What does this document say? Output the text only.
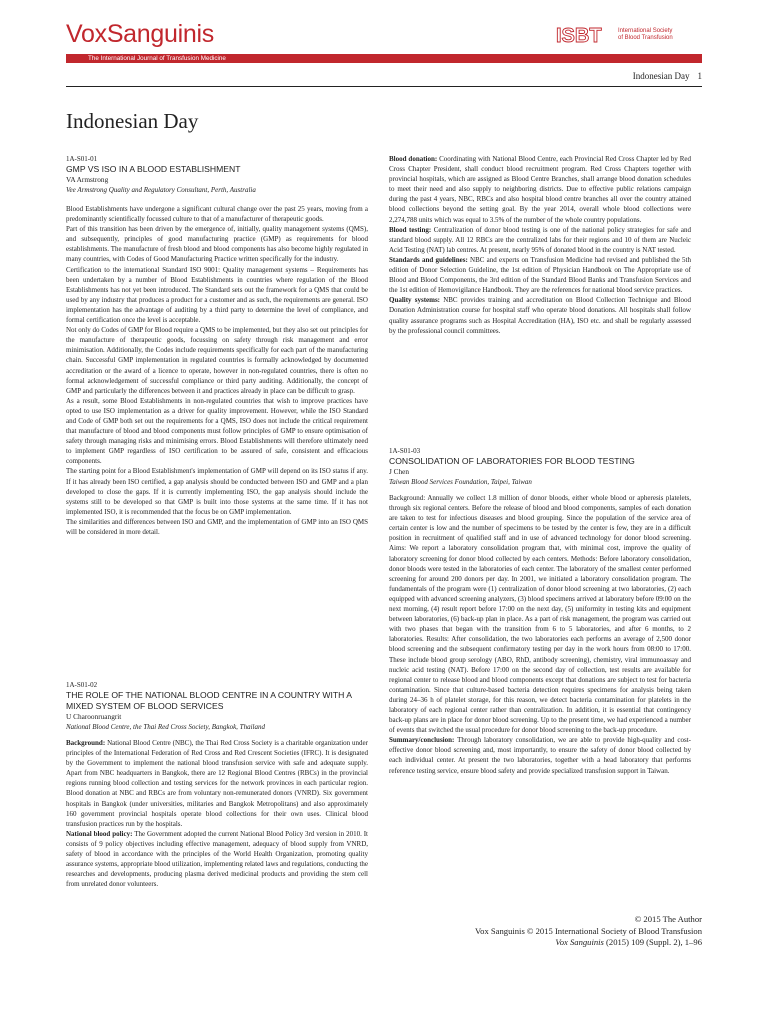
VoxSanguinis	ISBT	International Society
of Blood Transfusion
The International Journal of Transfusion Medicine
Indonesian Day 1
Indonesian Day
1A-S01-01
GMP VS ISO IN A BLOOD ESTABLISHMENT
VA Armstrong
Vee Armstrong Quality and Regulatory Consultant, Perth, Australia

Blood Establishments have undergone a significant cultural change over the past 25 years, moving from a predominantly scientifically focussed culture to that of a manufacturer of therapeutic goods.

Part of this transition has been driven by the emergence of, initially, quality management systems (QMS), and subsequently, principles of good manufacturing practice (GMP) as requirements for blood establishments. The manufacture of fresh blood and blood components has also become highly regulated in many countries, with Codes of Good Manufacturing Practice written specifically for the industry.

Certification to the international Standard ISO 9001: Quality management systems – Requirements has been undertaken by a number of Blood Establishments in countries where regulation of the Blood Establishments has not yet been introduced. The Standard sets out the framework for a QMS that could be used by any industry that produces a product for a customer and as such, the requirements are general. ISO implementation has the advantage of auditing by a third party to determine the level of compliance, and formal certification once the level is acceptable.

Not only do Codes of GMP for Blood require a QMS to be implemented, but they also set out principles for the manufacture of therapeutic goods, focussing on safety through risk management and error minimisation. Additionally, the Codes include requirements specifically for each part of the manufacturing chain. Successful GMP implementation in regulated countries is formally acknowledged by documented accreditation or the award of a licence to operate, however in non-regulated countries, there is often no formal acknowledgement of successful compliance or third party auditing. Additionally, the concept of GMP and particularly the differences between it and practices already in place can be difficult to grasp.

As a result, some Blood Establishments in non-regulated countries that wish to improve practices have opted to use ISO implementation as a driver for quality improvement. However, while the ISO Standard and Code of GMP both set out the requirements for a QMS, ISO does not include the critical requirement that manufacture of blood and blood components must follow principles of GMP to ensure optimisation of safety through managing risks and minimising errors. Blood Establishments will therefore ultimately need to implement GMP regardless of ISO certification to be assured of safe, consistent and efficacious components.

The starting point for a Blood Establishment's implementation of GMP will depend on its ISO status if any. If it has already been ISO certified, a gap analysis should be conducted between ISO and GMP and a plan developed to close the gaps. If it is currently implementing ISO, the gap analysis should include the systems still to be developed so that GMP is built into those systems at the same time. If it has not implemented ISO, it is recommended that the focus be on GMP implementation.

The similarities and differences between ISO and GMP, and the implementation of GMP into an ISO QMS will be considered in more detail.

1A-S01-02
THE ROLE OF THE NATIONAL BLOOD CENTRE IN A COUNTRY WITH A MIXED SYSTEM OF BLOOD SERVICES
U Charoonruangrit
National Blood Centre, the Thai Red Cross Society, Bangkok, Thailand

Background: National Blood Centre (NBC), the Thai Red Cross Society is a charitable organization under principles of the International Federation of Red Cross and Red Crescent Societies (IFRC). It is designated by the Government to implement the national blood transfusion service with safe and adequate supply. Apart from NBC headquarters in Bangkok, there are 12 Regional Blood Centres (RBCs) in the provincial regions running blood collection and testing services for the network provinces in each particular region. Blood donation at NBC and RBCs are from voluntary non-remunerated donors (VNRD). Six government hospitals in Bangkok (under universities, militaries and Bangkok Metropolitans) and also approximately 160 government provincial hospitals operate blood collections for their own uses. Clinical blood transfusion practices run by the hospitals.

National blood policy: The Government adopted the current National Blood Policy 3rd version in 2010. It consists of 9 policy objectives including effective management, adequacy of blood supply from VNRD, safety of blood in accordance with the principles of the World Health Organization, promoting quality assurance systems, appropriate blood utilization, implementing related laws and regulations, conducting the researches and developments, producing plasma derived medicinal products and providing the stem cell from unrelated donor volunteers.

Blood donation: Coordinating with National Blood Centre, each Provincial Red Cross Chapter led by Red Cross Chapter President, shall conduct blood recruitment program. Red Cross Chapters together with provincial hospitals, which are assigned as Blood Centre Branches, shall arrange blood donation schedules to meet their need and also supply to neighboring districts. Due to effective public relations campaign during the past 4 years, NBC, RBCs and also hospital blood centre branches all over the country attained blood collections beyond the setting goal. By the year 2014, overall whole blood collections were 2,274,788 units which was equal to 3.5% of the number of the whole country populations.

Blood testing: Centralization of donor blood testing is one of the national policy strategies for safe and standard blood supply. All 12 RBCs are the centralized labs for their regions and 10 of them are Nucleic Acid Testing (NAT) lab centres. At present, nearly 95% of donated blood in the country is NAT tested.

Standards and guidelines: NBC and experts on Transfusion Medicine had revised and published the 5th edition of Donor Selection Guideline, the 1st edition of Physician Handbook on The Appropriate use of Blood and Blood Components, the 3rd edition of the Standard Blood Banks and Transfusion Services and the 1st edition of Hemovigilance Handbook. They are the references for national blood service practices.

Quality systems: NBC provides training and accreditation on Blood Collection Technique and Blood Donation Administration course for hospital staff who operate blood donations. All hospitals shall follow quality assurance programs such as Hospital Accreditation (HA), ISO etc. and shall be regularly assessed by the professional council committees.

1A-S01-03
CONSOLIDATION OF LABORATORIES FOR BLOOD TESTING
J Chen
Taiwan Blood Services Foundation, Taipei, Taiwan

Background: Annually we collect 1.8 million of donor bloods, either whole blood or apheresis platelets, through six regional centers. Before the release of blood and blood components, samples of each donation are taken to test for infectious diseases and blood grouping. Since the population of the service area of certain center is low and the number of specimens to be tested by the center is few, they are in a difficult position in recruitment of qualified staff and in use of advanced technology for donor blood screening. Aims: We report a laboratory consolidation program that, with minimal cost, improve the quality of laboratory screening for donor blood collected by each centers. Methods: Before laboratory consolidation, donor bloods were tested in the laboratories of each center. The laboratory of the smallest center performed screening for around 200 donors per day. In 2001, we initiated a laboratory consolidation program. The fundamentals of the program were (1) centralization of donor blood screening at two laboratories, (2) each equipped with advanced screening analyzers, (3) blood specimens arrived at laboratory before 09:00 on the next morning, (4) result report before 17:00 on the next day, (5) uniformity in testing kits and equipment between laboratories, (6) back-up plan in place. As a part of risk management, the program was carried out with two phases that began with the transition from 6 to 5 laboratories, and after 6 months, to 2 laboratories. Results: After consolidation, the two laboratories each performs an average of 2,500 donor blood screening and the subsequent confirmatory testing per day in the work hours from 08:00 to 17:00. These include blood group serology (ABO, RhD, antibody screening), chemistry, viral immunoassay and nucleic acid testing (NAT). Before 17:00 on the second day of collection, test results are available for regional center to release blood and blood components except that donations are subject to test for bacteria contamination. Since that culture-based bacteria detection requires specimens for analysis being taken during 24–36 h of platelet storage, for this reason, we detect bacteria contamination for platelets in the laboratory of each regional center rather than centralization. In addition, it is essential that contingency back-up plans are in place for donor blood screening. Up to the present time, we had experienced a number of events that switched the usual procedure for donor blood screening to the back-up procedure.

Summary/conclusion: Through laboratory consolidation, we are able to provide high-quality and cost-effective donor blood screening and, most importantly, to ensure the safety of donor blood collected by each individual center. At present the two laboratories, together with a head laboratory that performs reference testing service, ensure blood safety and provide specialized transfusion support in Taiwan.

© 2015 The Author
Vox Sanguinis © 2015 International Society of Blood Transfusion
Vox Sanguinis (2015) 109 (Suppl. 2), 1–96
